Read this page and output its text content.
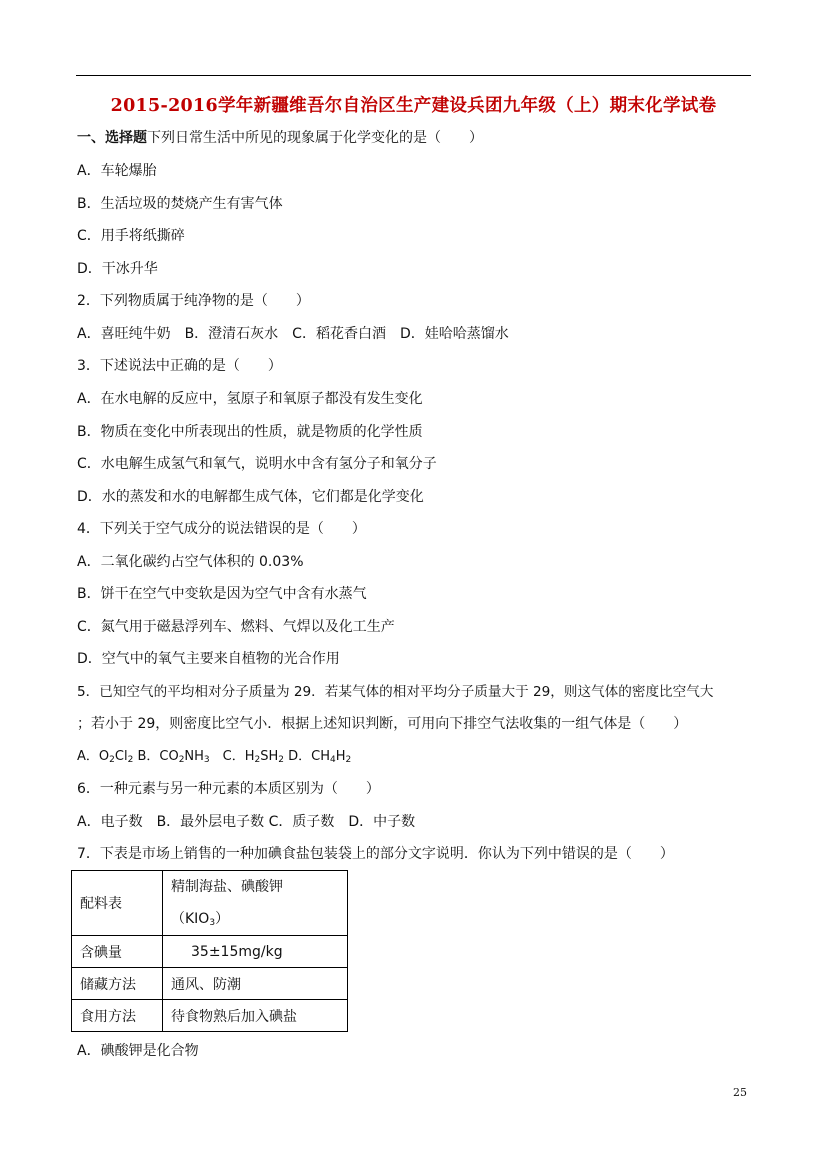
2015-2016学年新疆维吾尔自治区生产建设兵团九年级（上）期末化学试卷
一、选择题下列日常生活中所见的现象属于化学变化的是（　　）
A．车轮爆胎
B．生活垃圾的焚烧产生有害气体
C．用手将纸撕碎
D．干冰升华
2．下列物质属于纯净物的是（　　）
A．喜旺纯牛奶　B．澄清石灰水　C．稻花香白酒　D．娃哈哈蒸馏水
3．下述说法中正确的是（　　）
A．在水电解的反应中，氢原子和氧原子都没有发生变化
B．物质在变化中所表现出的性质，就是物质的化学性质
C．水电解生成氢气和氧气，说明水中含有氢分子和氧分子
D．水的蒸发和水的电解都生成气体，它们都是化学变化
4．下列关于空气成分的说法错误的是（　　）
A．二氧化碳约占空气体积的 0.03%
B．饼干在空气中变软是因为空气中含有水蒸气
C．氮气用于磁悬浮列车、燃料、气焊以及化工生产
D．空气中的氧气主要来自植物的光合作用
5．已知空气的平均相对分子质量为 29．若某气体的相对平均分子质量大于 29，则这气体的密度比空气大
；若小于 29，则密度比空气小．根据上述知识判断，可用向下排空气法收集的一组气体是（　　）
A．$O_2Cl_2$ B．$CO_2NH_3$　C．$H_2SH_2$ D．$CH_4H_2$
6．一种元素与另一种元素的本质区别为（　　）
A．电子数　B．最外层电子数 C．质子数　D．中子数
7．下表是市场上销售的一种加碘食盐包装袋上的部分文字说明．你认为下列中错误的是（　　）
配料表	精制海盐、碘酸钾
$(KIO_3)$

含碘量	35±15mg/kg
储藏方法	通风、防潮
食用方法	待食物熟后加入碘盐
A．碘酸钾是化合物
25
